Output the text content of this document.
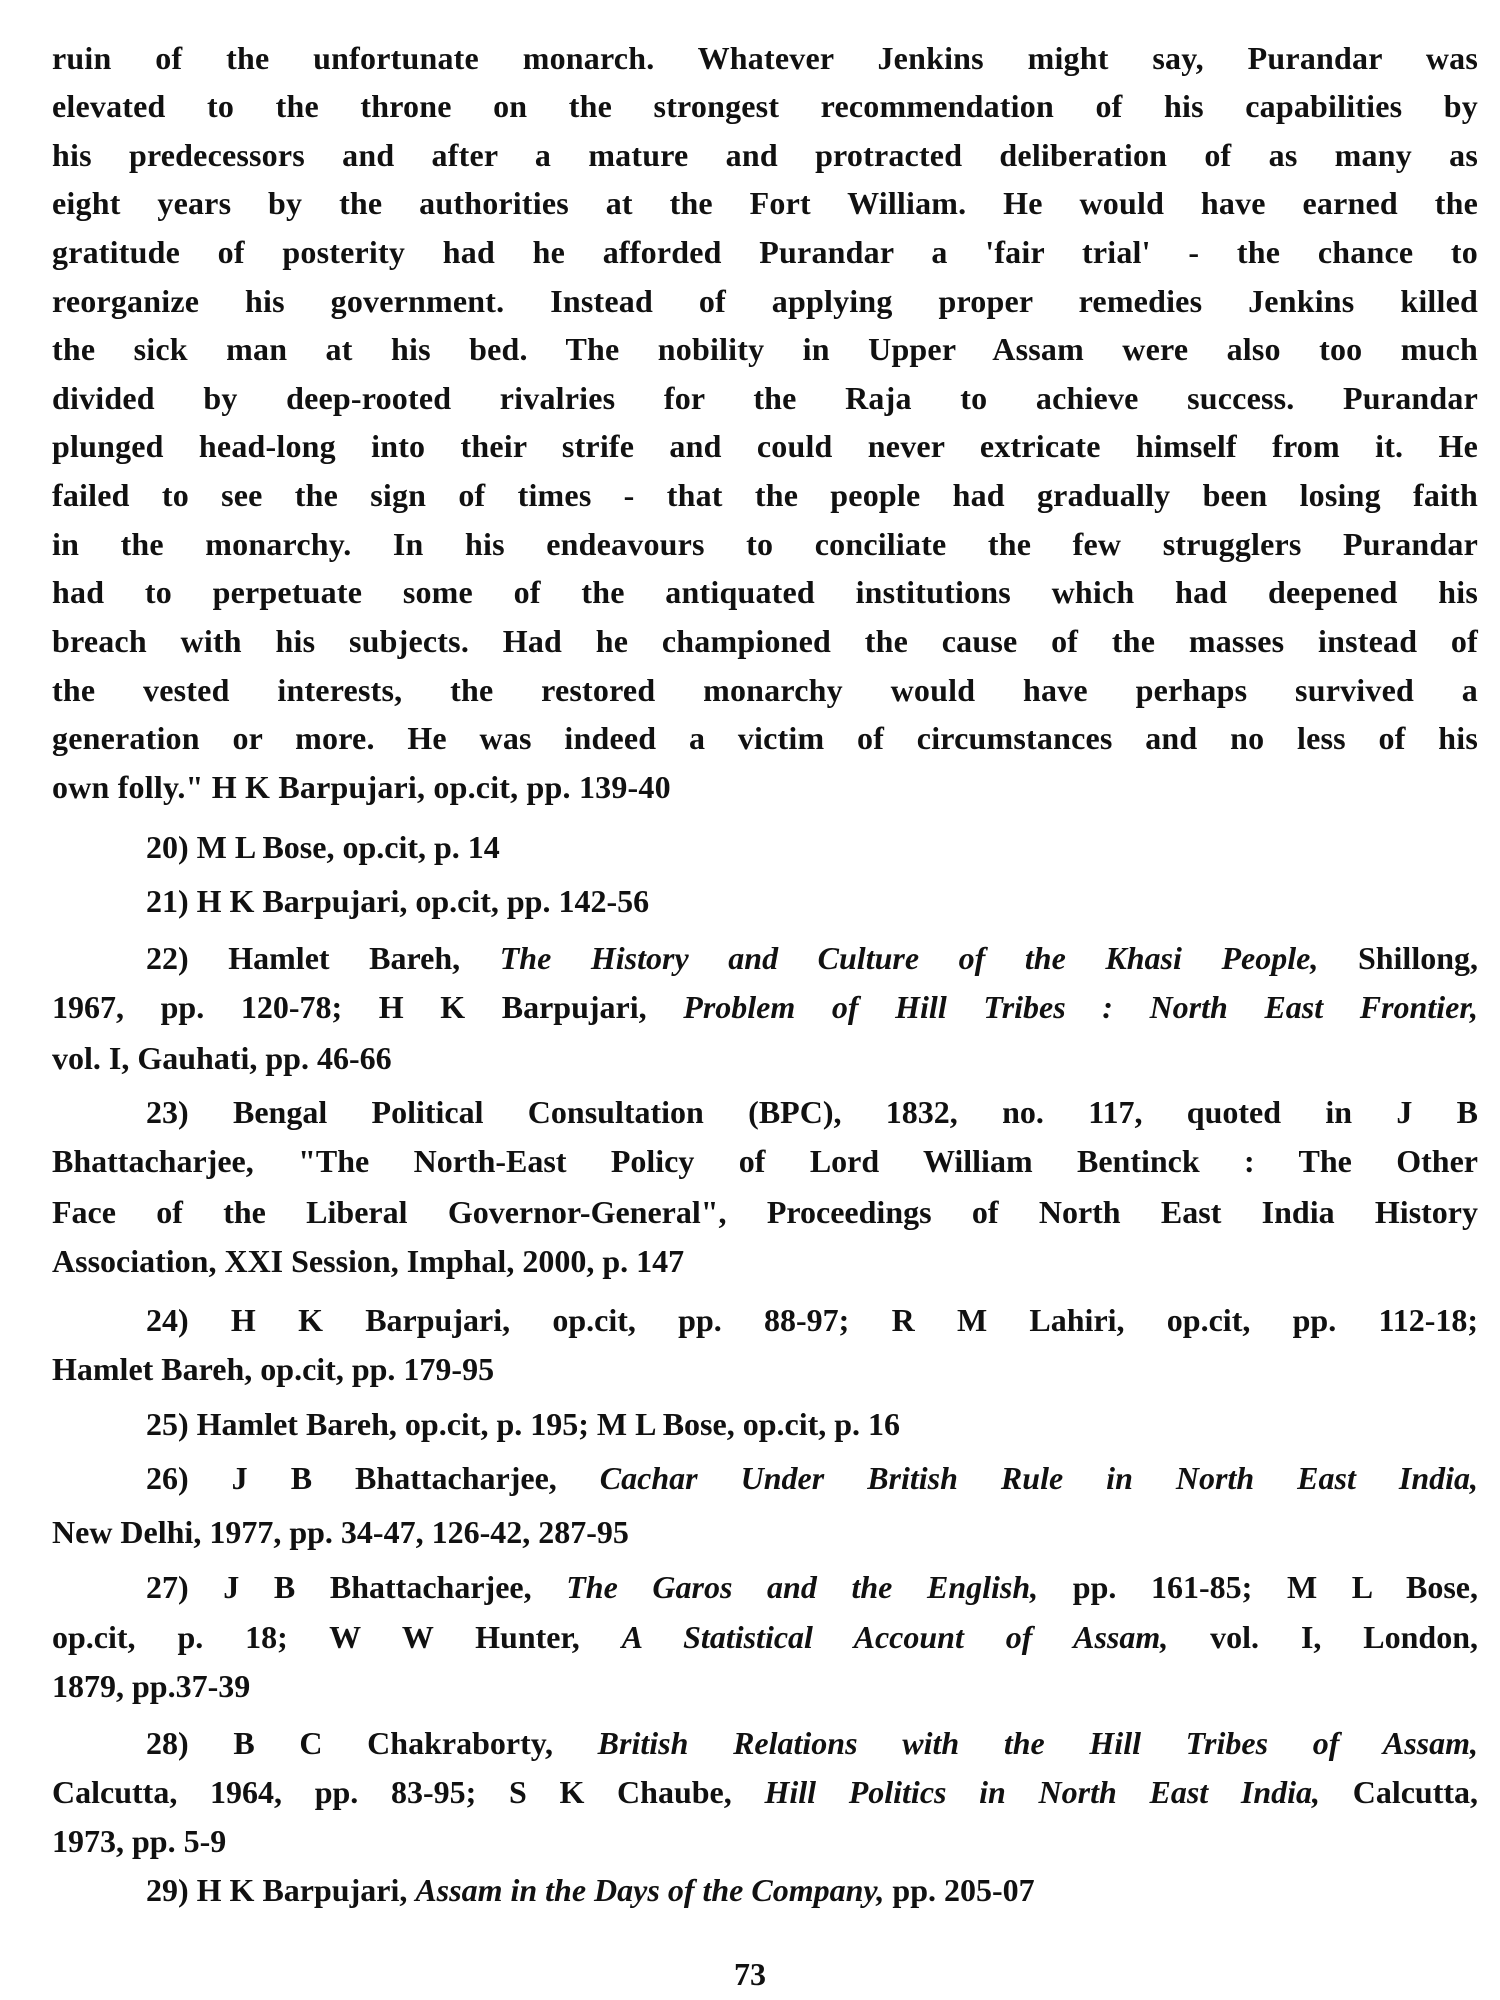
ruin of the unfortunate monarch. Whatever Jenkins might say, Purandar was
elevated to the throne on the strongest recommendation of his capabilities by
his predecessors and after a mature and protracted deliberation of as many as
eight years by the authorities at the Fort William. He would have earned the
gratitude of posterity had he afforded Purandar a 'fair trial' - the chance to
reorganize his government. Instead of applying proper remedies Jenkins killed
the sick man at his bed. The nobility in Upper Assam were also too much
divided by deep-rooted rivalries for the Raja to achieve success. Purandar
plunged head-long into their strife and could never extricate himself from it. He
failed to see the sign of times - that the people had gradually been losing faith
in the monarchy. In his endeavours to conciliate the few strugglers Purandar
had to perpetuate some of the antiquated institutions which had deepened his
breach with his subjects. Had he championed the cause of the masses instead of
the vested interests, the restored monarchy would have perhaps survived a
generation or more. He was indeed a victim of circumstances and no less of his
own folly." H K Barpujari, op.cit, pp. 139-40
20) M L Bose, op.cit, p. 14
21) H K Barpujari, op.cit, pp. 142-56
22) Hamlet Bareh, The History and Culture of the Khasi People, Shillong,
1967, pp. 120-78; H K Barpujari, Problem of Hill Tribes : North East Frontier,
vol. I, Gauhati, pp. 46-66
23) Bengal Political Consultation (BPC), 1832, no. 117, quoted in J B
Bhattacharjee, "The North-East Policy of Lord William Bentinck : The Other
Face of the Liberal Governor-General", Proceedings of North East India History
Association, XXI Session, Imphal, 2000, p. 147
24) H K Barpujari, op.cit, pp. 88-97; R M Lahiri, op.cit, pp. 112-18;
Hamlet Bareh, op.cit, pp. 179-95
25) Hamlet Bareh, op.cit, p. 195; M L Bose, op.cit, p. 16
26) J B Bhattacharjee, Cachar Under British Rule in North East India,
New Delhi, 1977, pp. 34-47, 126-42, 287-95
27) J B Bhattacharjee, The Garos and the English, pp. 161-85; M L Bose,
op.cit, p. 18; W W Hunter, A Statistical Account of Assam, vol. I, London,
1879, pp.37-39
28) B C Chakraborty, British Relations with the Hill Tribes of Assam,
Calcutta, 1964, pp. 83-95; S K Chaube, Hill Politics in North East India, Calcutta,
1973, pp. 5-9
29) H K Barpujari, Assam in the Days of the Company, pp. 205-07
73
